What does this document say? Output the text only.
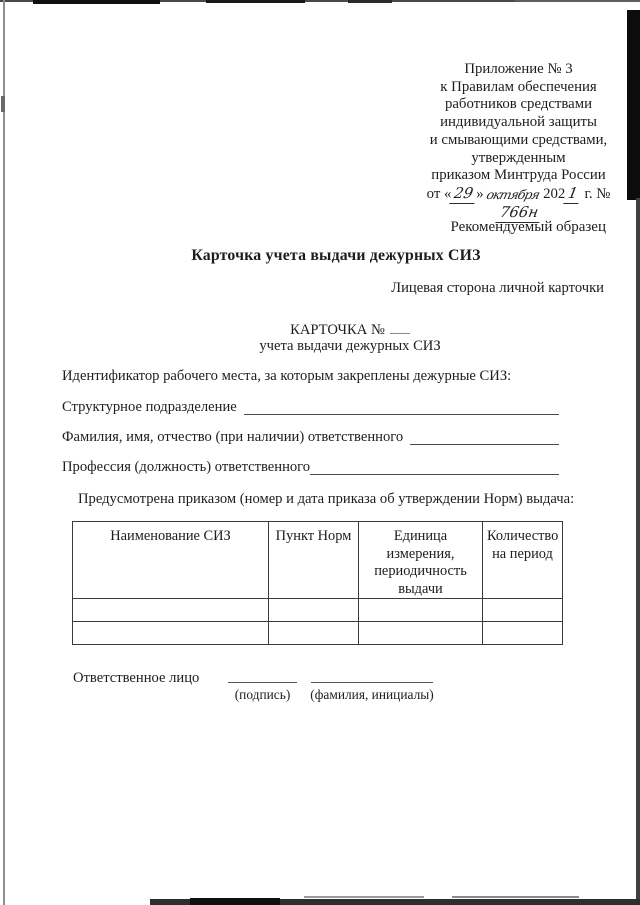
Приложение № 3
к Правилам обеспечения
работников средствами
индивидуальной защиты
и смывающими средствами,
утвержденным
приказом Минтруда России
от « 29» октября 202 1 г. № 766н
Рекомендуемый образец
Карточка учета выдачи дежурных СИЗ
Лицевая сторона личной карточки
КАРТОЧКА №
учета выдачи дежурных СИЗ
Идентификатор рабочего места, за которым закреплены дежурные СИЗ:
Структурное подразделение
Фамилия, имя, отчество (при наличии) ответственного
Профессия (должность) ответственного
Предусмотрена приказом (номер и дата приказа об утверждении Норм) выдача:
Наименование СИЗ	Пункт Норм	Единица измерения, периодичность выдачи	Количество на период

Ответственное лицо
(подпись)	(фамилия, инициалы)
